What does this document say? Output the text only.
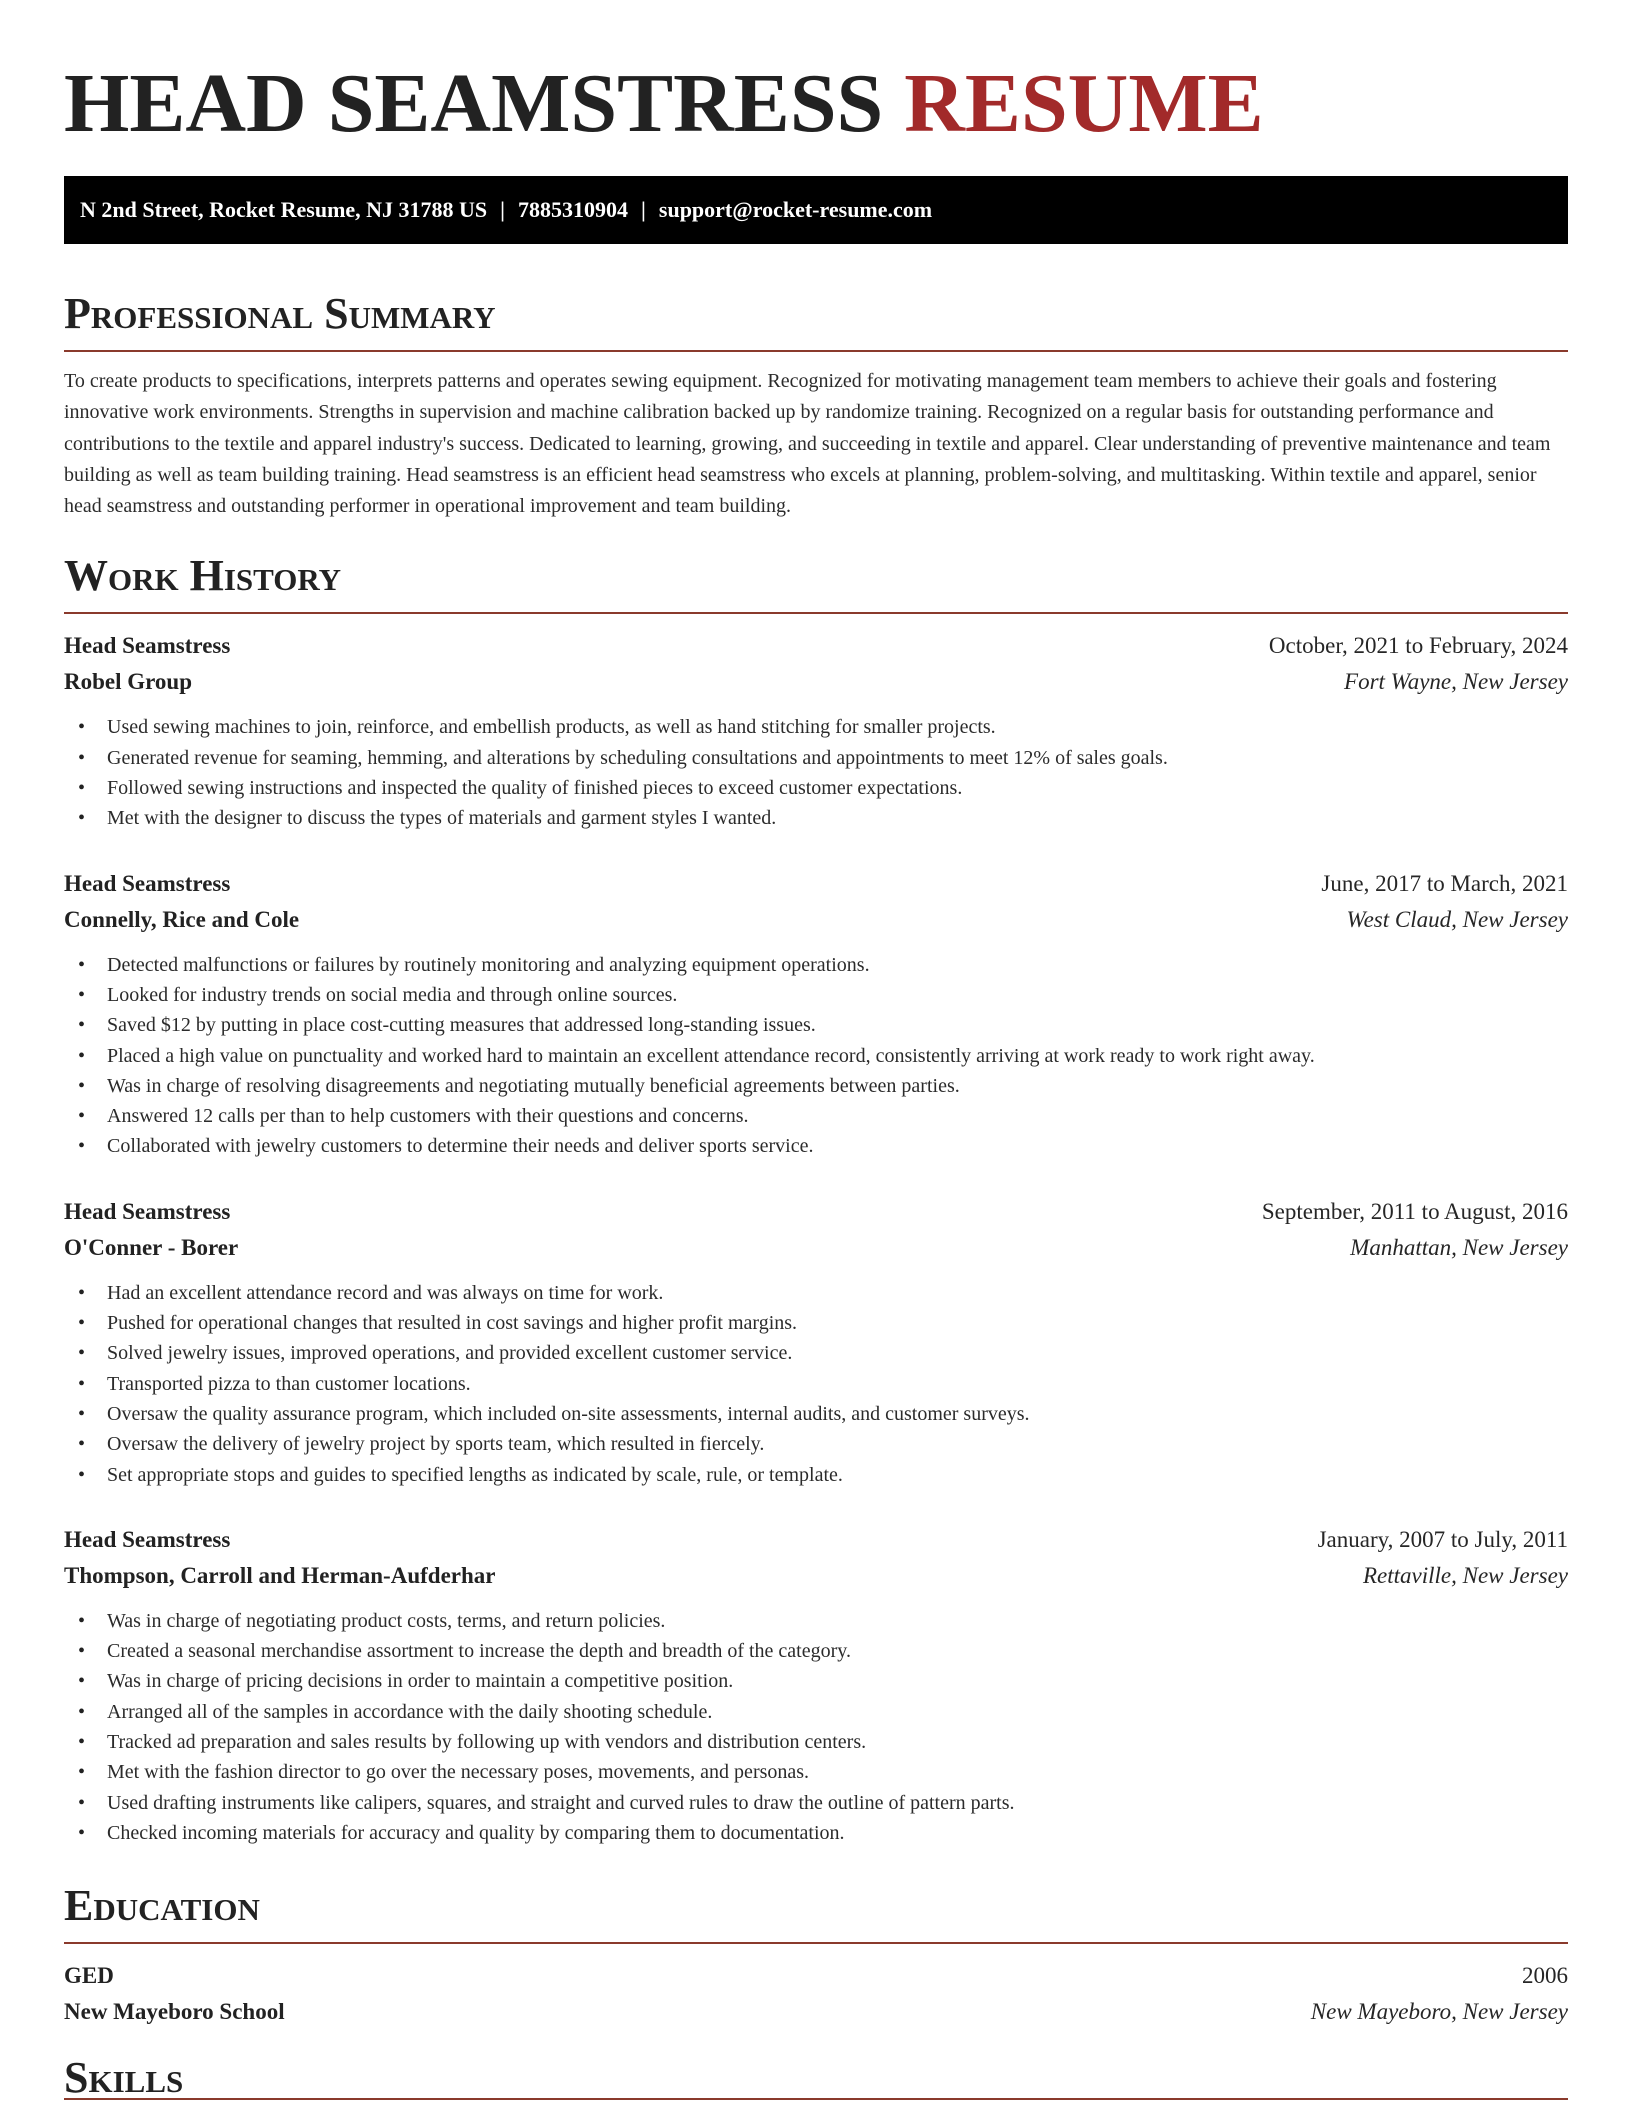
HEAD SEAMSTRESS RESUME
N 2nd Street, Rocket Resume, NJ 31788 US | 7885310904 | support@rocket-resume.com
Professional Summary

To create products to specifications, interprets patterns and operates sewing equipment. Recognized for motivating management team members to achieve their goals and fostering innovative work environments. Strengths in supervision and machine calibration backed up by randomize training. Recognized on a regular basis for outstanding performance and contributions to the textile and apparel industry's success. Dedicated to learning, growing, and succeeding in textile and apparel. Clear understanding of preventive maintenance and team building as well as team building training. Head seamstress is an efficient head seamstress who excels at planning, problem-solving, and multitasking. Within textile and apparel, senior head seamstress and outstanding performer in operational improvement and team building.

Work History
Head Seamstress	October, 2021 to February, 2024
Robel Group	Fort Wayne, New Jersey
• Used sewing machines to join, reinforce, and embellish products, as well as hand stitching for smaller projects.
• Generated revenue for seaming, hemming, and alterations by scheduling consultations and appointments to meet 12% of sales goals.
• Followed sewing instructions and inspected the quality of finished pieces to exceed customer expectations.
• Met with the designer to discuss the types of materials and garment styles I wanted.
Head Seamstress	June, 2017 to March, 2021
Connelly, Rice and Cole	West Claud, New Jersey
• Detected malfunctions or failures by routinely monitoring and analyzing equipment operations.
• Looked for industry trends on social media and through online sources.
• Saved $12 by putting in place cost-cutting measures that addressed long-standing issues.
• Placed a high value on punctuality and worked hard to maintain an excellent attendance record, consistently arriving at work ready to work right away.
• Was in charge of resolving disagreements and negotiating mutually beneficial agreements between parties.
• Answered 12 calls per than to help customers with their questions and concerns.
• Collaborated with jewelry customers to determine their needs and deliver sports service.
Head Seamstress	September, 2011 to August, 2016
O'Conner - Borer	Manhattan, New Jersey
• Had an excellent attendance record and was always on time for work.
• Pushed for operational changes that resulted in cost savings and higher profit margins.
• Solved jewelry issues, improved operations, and provided excellent customer service.
• Transported pizza to than customer locations.
• Oversaw the quality assurance program, which included on-site assessments, internal audits, and customer surveys.
• Oversaw the delivery of jewelry project by sports team, which resulted in fiercely.
• Set appropriate stops and guides to specified lengths as indicated by scale, rule, or template.
Head Seamstress	January, 2007 to July, 2011
Thompson, Carroll and Herman-Aufderhar	Rettaville, New Jersey
• Was in charge of negotiating product costs, terms, and return policies.
• Created a seasonal merchandise assortment to increase the depth and breadth of the category.
• Was in charge of pricing decisions in order to maintain a competitive position.
• Arranged all of the samples in accordance with the daily shooting schedule.
• Tracked ad preparation and sales results by following up with vendors and distribution centers.
• Met with the fashion director to go over the necessary poses, movements, and personas.
• Used drafting instruments like calipers, squares, and straight and curved rules to draw the outline of pattern parts.
• Checked incoming materials for accuracy and quality by comparing them to documentation.
Education
GED	2006
New Mayeboro School	New Mayeboro, New Jersey
Skills
